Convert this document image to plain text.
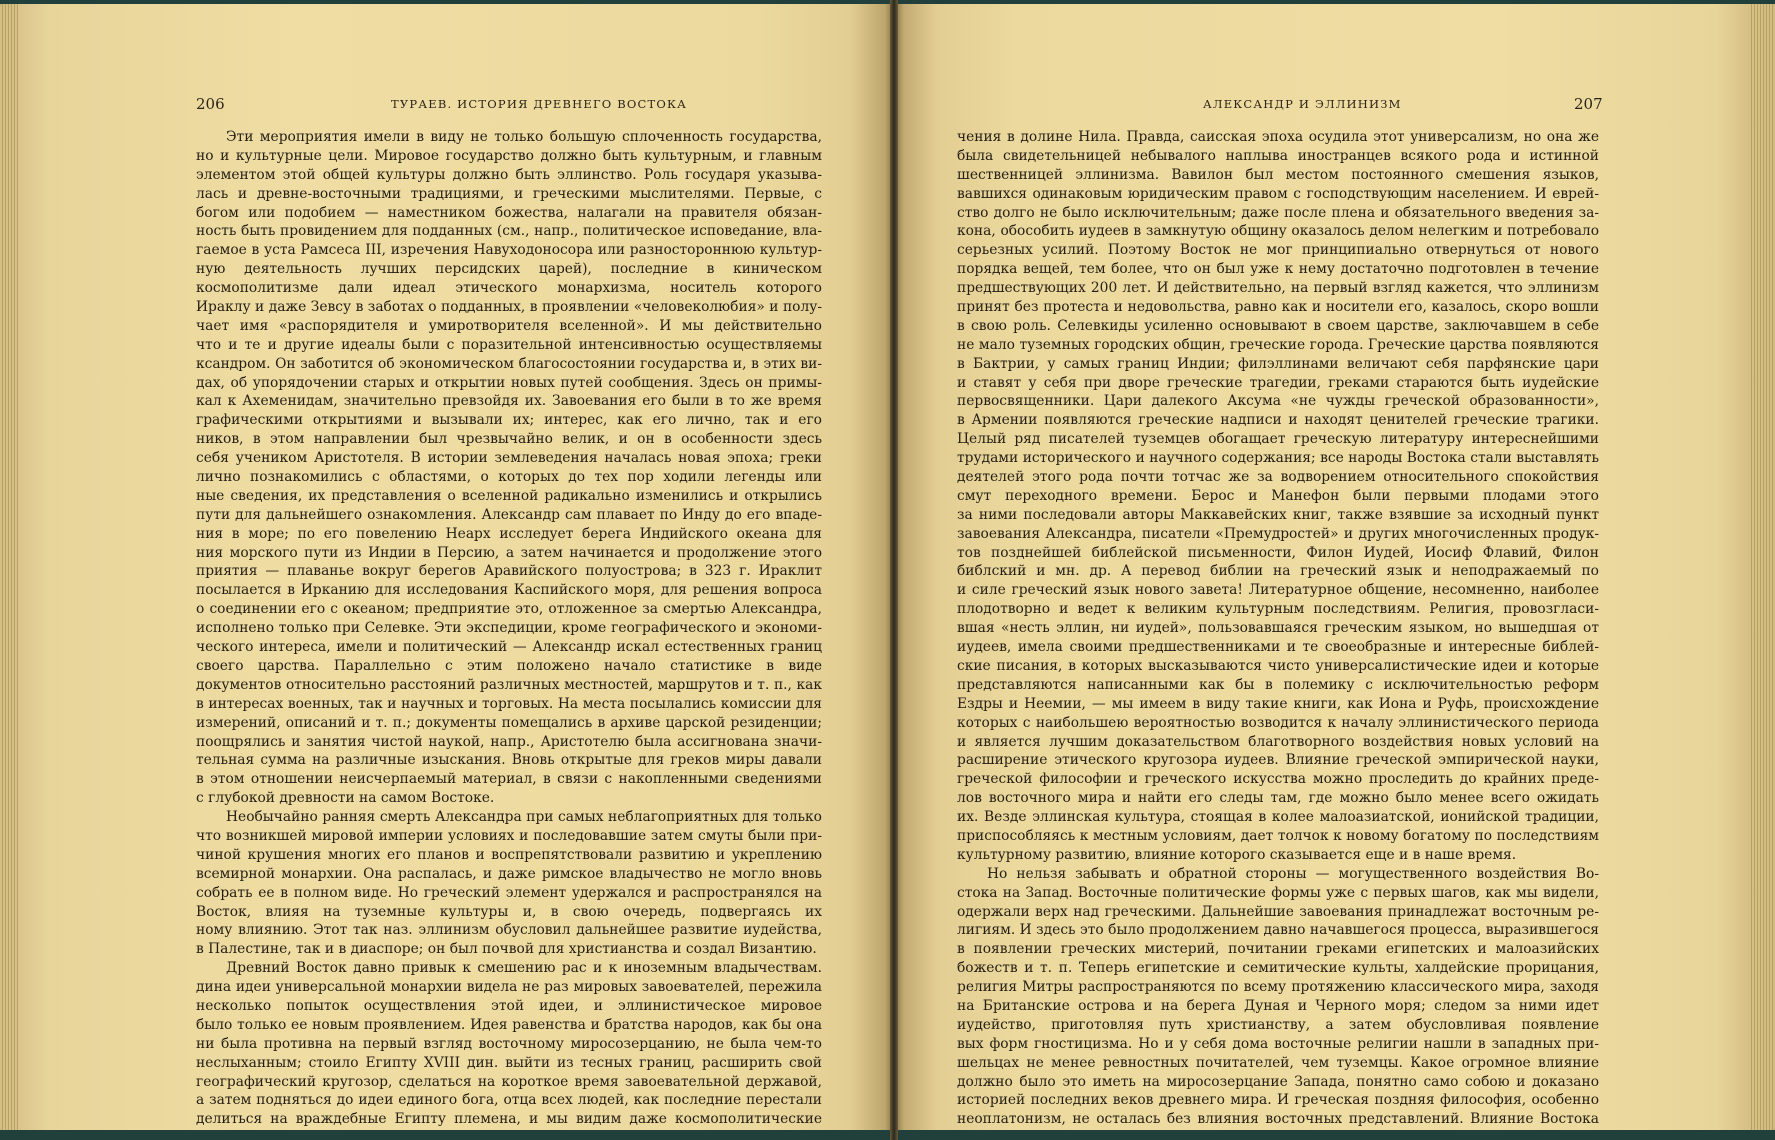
206	ТУРАЕВ. ИСТОРИЯ ДРЕВНЕГО ВОСТОКА
Эти мероприятия имели в виду не только большую сплоченность государства,
но и культурные цели. Мировое государство должно быть культурным, и главным
элементом этой общей культуры должно быть эллинство. Роль государя указыва-
лась и древне-восточными традициями, и греческими мыслителями. Первые, с
богом или подобием — наместником божества, налагали на правителя обязан-
ность быть провидением для подданных (см., напр., политическое исповедание, вла-
гаемое в уста Рамсеса III, изречения Навуходоносора или разностороннюю культур-
ную деятельность лучших персидских царей), последние в киническом
космополитизме дали идеал этического монархизма, носитель которого
Ираклу и даже Зевсу в заботах о подданных, в проявлении «человеколюбия» и полу-
чает имя «распорядителя и умиротворителя вселенной». И мы действительно
что и те и другие идеалы были с поразительной интенсивностью осуществляемы
ксандром. Он заботится об экономическом благосостоянии государства и, в этих ви-
дах, об упорядочении старых и открытии новых путей сообщения. Здесь он примы-
кал к Ахеменидам, значительно превзойдя их. Завоевания его были в то же время
графическими открытиями и вызывали их; интерес, как его лично, так и его
ников, в этом направлении был чрезвычайно велик, и он в особенности здесь
себя учеником Аристотеля. В истории землеведения началась новая эпоха; греки
лично познакомились с областями, о которых до тех пор ходили легенды или
ные сведения, их представления о вселенной радикально изменились и открылись
пути для дальнейшего ознакомления. Александр сам плавает по Инду до его впаде-
ния в море; по его повелению Неарх исследует берега Индийского океана для
ния морского пути из Индии в Персию, а затем начинается и продолжение этого
приятия — плаванье вокруг берегов Аравийского полуострова; в 323 г. Ираклит
посылается в Ирканию для исследования Каспийского моря, для решения вопроса
о соединении его с океаном; предприятие это, отложенное за смертью Александра,
исполнено только при Селевке. Эти экспедиции, кроме географического и экономи-
ческого интереса, имели и политический — Александр искал естественных границ
своего царства. Параллельно с этим положено начало статистике в виде
документов относительно расстояний различных местностей, маршрутов и т. п., как
в интересах военных, так и научных и торговых. На места посылались комиссии для
измерений, описаний и т. п.; документы помещались в архиве царской резиденции;
поощрялись и занятия чистой наукой, напр., Аристотелю была ассигнована значи-
тельная сумма на различные изыскания. Вновь открытые для греков миры давали
в этом отношении неисчерпаемый материал, в связи с накопленными сведениями
с глубокой древности на самом Востоке.
Необычайно ранняя смерть Александра при самых неблагоприятных для только
что возникшей мировой империи условиях и последовавшие затем смуты были при-
чиной крушения многих его планов и воспрепятствовали развитию и укреплению
всемирной монархии. Она распалась, и даже римское владычество не могло вновь
собрать ее в полном виде. Но греческий элемент удержался и распространялся на
Восток, влияя на туземные культуры и, в свою очередь, подвергаясь их
ному влиянию. Этот так наз. эллинизм обусловил дальнейшее развитие иудейства,
в Палестине, так и в диаспоре; он был почвой для христианства и создал Византию.
Древний Восток давно привык к смешению рас и к иноземным владычествам.
дина идеи универсальной монархии видела не раз мировых завоевателей, пережила
несколько попыток осуществления этой идеи, и эллинистическое мировое
было только ее новым проявлением. Идея равенства и братства народов, как бы она
ни была противна на первый взгляд восточному миросозерцанию, не была чем-то
неслыханным; стоило Египту XVIII дин. выйти из тесных границ, расширить свой
географический кругозор, сделаться на короткое время завоевательной державой,
а затем подняться до идеи единого бога, отца всех людей, как последние перестали
делиться на враждебные Египту племена, и мы видим даже космополитические
АЛЕКСАНДР И ЭЛЛИНИЗМ	207
чения в долине Нила. Правда, саисская эпоха осудила этот универсализм, но она же
была свидетельницей небывалого наплыва иностранцев всякого рода и истинной
шественницей эллинизма. Вавилон был местом постоянного смешения языков,
вавшихся одинаковым юридическим правом с господствующим населением. И еврей-
ство долго не было исключительным; даже после плена и обязательного введения за-
кона, обособить иудеев в замкнутую общину оказалось делом нелегким и потребовало
серьезных усилий. Поэтому Восток не мог принципиально отвернуться от нового
порядка вещей, тем более, что он был уже к нему достаточно подготовлен в течение
предшествующих 200 лет. И действительно, на первый взгляд кажется, что эллинизм
принят без протеста и недовольства, равно как и носители его, казалось, скоро вошли
в свою роль. Селевкиды усиленно основывают в своем царстве, заключавшем в себе
не мало туземных городских общин, греческие города. Греческие царства появляются
в Бактрии, у самых границ Индии; филэллинами величают себя парфянские цари
и ставят у себя при дворе греческие трагедии, греками стараются быть иудейские
первосвященники. Цари далекого Аксума «не чужды греческой образованности»,
в Армении появляются греческие надписи и находят ценителей греческие трагики.
Целый ряд писателей туземцев обогащает греческую литературу интереснейшими
трудами исторического и научного содержания; все народы Востока стали выставлять
деятелей этого рода почти тотчас же за водворением относительного спокойствия
смут переходного времени. Берос и Манефон были первыми плодами этого
за ними последовали авторы Маккавейских книг, также взявшие за исходный пункт
завоевания Александра, писатели «Премудростей» и других многочисленных продук-
тов позднейшей библейской письменности, Филон Иудей, Иосиф Флавий, Филон
библский и мн. др. А перевод библии на греческий язык и неподражаемый по
и силе греческий язык нового завета! Литературное общение, несомненно, наиболее
плодотворно и ведет к великим культурным последствиям. Религия, провозгласи-
вшая «несть эллин, ни иудей», пользовавшаяся греческим языком, но вышедшая от
иудеев, имела своими предшественниками и те своеобразные и интересные библей-
ские писания, в которых высказываются чисто универсалистические идеи и которые
представляются написанными как бы в полемику с исключительностью реформ
Ездры и Неемии, — мы имеем в виду такие книги, как Иона и Руфь, происхождение
которых с наибольшею вероятностью возводится к началу эллинистического периода
и является лучшим доказательством благотворного воздействия новых условий на
расширение этического кругозора иудеев. Влияние греческой эмпирической науки,
греческой философии и греческого искусства можно проследить до крайних преде-
лов восточного мира и найти его следы там, где можно было менее всего ожидать
их. Везде эллинская культура, стоящая в колее малоазиатской, ионийской традиции,
приспособляясь к местным условиям, дает толчок к новому богатому по последствиям
культурному развитию, влияние которого сказывается еще и в наше время.
Но нельзя забывать и обратной стороны — могущественного воздействия Во-
стока на Запад. Восточные политические формы уже с первых шагов, как мы видели,
одержали верх над греческими. Дальнейшие завоевания принадлежат восточным ре-
лигиям. И здесь это было продолжением давно начавшегося процесса, выразившегося
в появлении греческих мистерий, почитании греками египетских и малоазийских
божеств и т. п. Теперь египетские и семитические культы, халдейские прорицания,
религия Митры распространяются по всему протяжению классического мира, заходя
на Британские острова и на берега Дуная и Черного моря; следом за ними идет
иудейство, приготовляя путь христианству, а затем обусловливая появление
вых форм гностицизма. Но и у себя дома восточные религии нашли в западных при-
шельцах не менее ревностных почитателей, чем туземцы. Какое огромное влияние
должно было это иметь на миросозерцание Запада, понятно само собою и доказано
историей последних веков древнего мира. И греческая поздняя философия, особенно
неоплатонизм, не осталась без влияния восточных представлений. Влияние Востока
